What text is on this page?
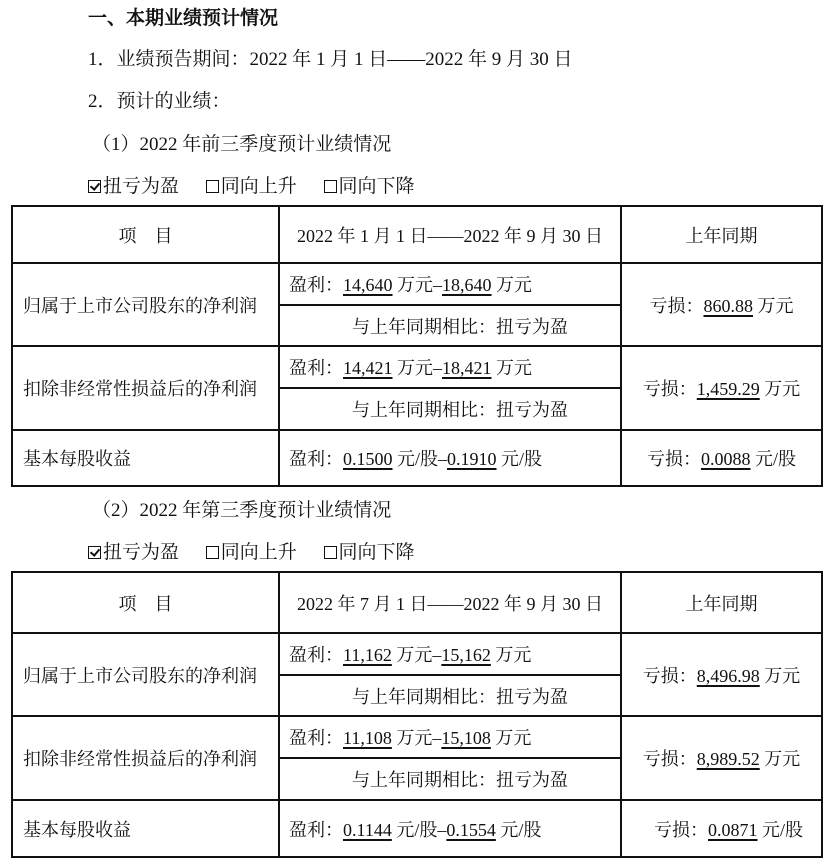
一、本期业绩预计情况
1．业绩预告期间：2022 年 1 月 1 日——2022 年 9 月 30 日
2．预计的业绩：
（1）2022 年前三季度预计业绩情况
扭亏为盈 同向上升 同向下降
项　目	2022 年 1 月 1 日——2022 年 9 月 30 日	上年同期
归属于上市公司股东的净利润	盈利：14,640 万元–18,640 万元	亏损：860.88 万元
	与上年同期相比：扭亏为盈	
扣除非经常性损益后的净利润	盈利：14,421 万元–18,421 万元	亏损：1,459.29 万元
	与上年同期相比：扭亏为盈	
基本每股收益	盈利：0.1500 元/股–0.1910 元/股	亏损：0.0088 元/股
（2）2022 年第三季度预计业绩情况
扭亏为盈 同向上升 同向下降
项　目	2022 年 7 月 1 日——2022 年 9 月 30 日	上年同期
归属于上市公司股东的净利润	盈利：11,162 万元–15,162 万元	亏损：8,496.98 万元
	与上年同期相比：扭亏为盈	
扣除非经常性损益后的净利润	盈利：11,108 万元–15,108 万元	亏损：8,989.52 万元
	与上年同期相比：扭亏为盈	
基本每股收益	盈利：0.1144 元/股–0.1554 元/股	亏损：0.0871 元/股
